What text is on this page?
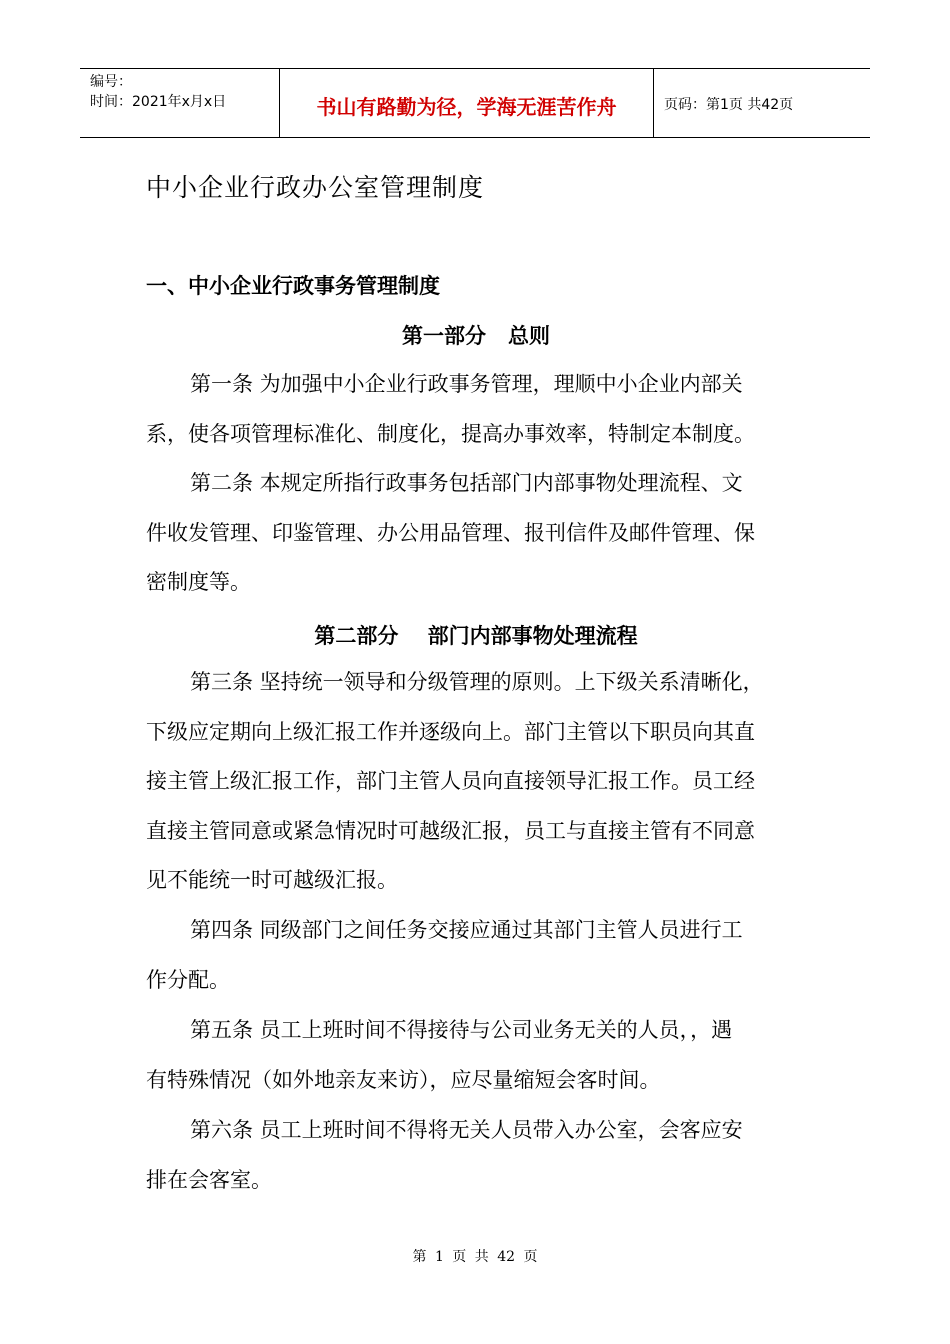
编号：
时间：2021年x月x日	书山有路勤为径，学海无涯苦作舟	页码：第1页 共42页
中小企业行政办公室管理制度
一、中小企业行政事务管理制度
第一部分   总则
第一条 为加强中小企业行政事务管理，理顺中小企业内部关
系，使各项管理标准化、制度化，提高办事效率，特制定本制度。
第二条 本规定所指行政事务包括部门内部事物处理流程、文
件收发管理、印鉴管理、办公用品管理、报刊信件及邮件管理、保
密制度等。
第二部分    部门内部事物处理流程
第三条 坚持统一领导和分级管理的原则。上下级关系清晰化，
下级应定期向上级汇报工作并逐级向上。部门主管以下职员向其直
接主管上级汇报工作，部门主管人员向直接领导汇报工作。员工经
直接主管同意或紧急情况时可越级汇报，员工与直接主管有不同意
见不能统一时可越级汇报。
第四条 同级部门之间任务交接应通过其部门主管人员进行工
作分配。
第五条 员工上班时间不得接待与公司业务无关的人员，，遇
有特殊情况（如外地亲友来访），应尽量缩短会客时间。
第六条 员工上班时间不得将无关人员带入办公室，会客应安
排在会客室。
第 1 页 共 42 页
